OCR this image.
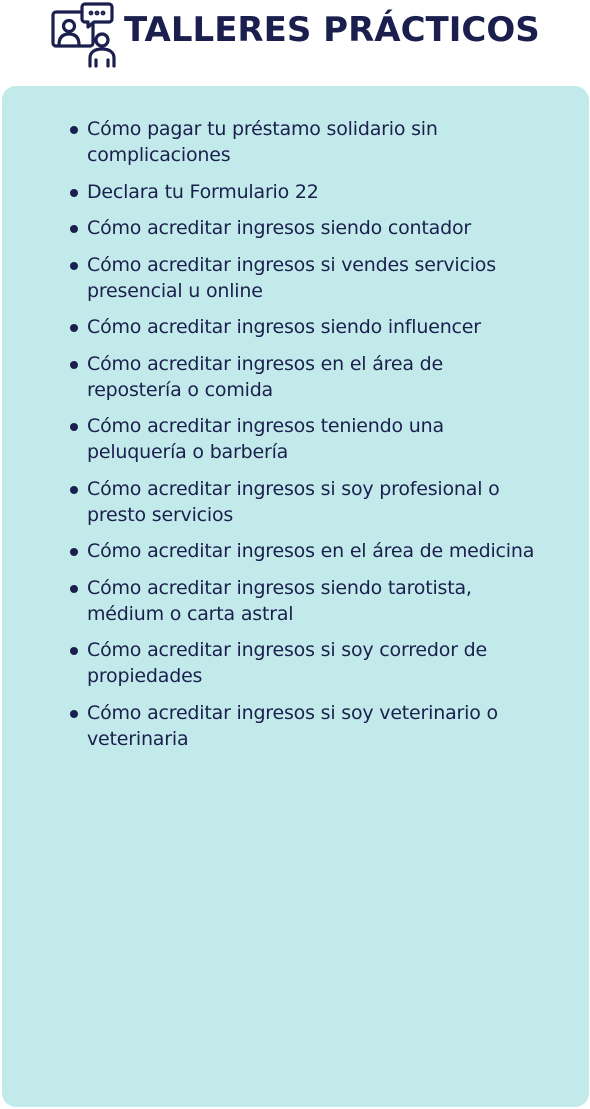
TALLERES PRÁCTICOS
Cómo pagar tu préstamo solidario sin complicaciones
Declara tu Formulario 22
Cómo acreditar ingresos siendo contador
Cómo acreditar ingresos si vendes servicios presencial u online
Cómo acreditar ingresos siendo influencer
Cómo acreditar ingresos en el área de repostería o comida
Cómo acreditar ingresos teniendo una peluquería o barbería
Cómo acreditar ingresos si soy profesional o presto servicios
Cómo acreditar ingresos en el área de medicina
Cómo acreditar ingresos siendo tarotista, médium o carta astral
Cómo acreditar ingresos si soy corredor de propiedades
Cómo acreditar ingresos si soy veterinario o veterinaria
